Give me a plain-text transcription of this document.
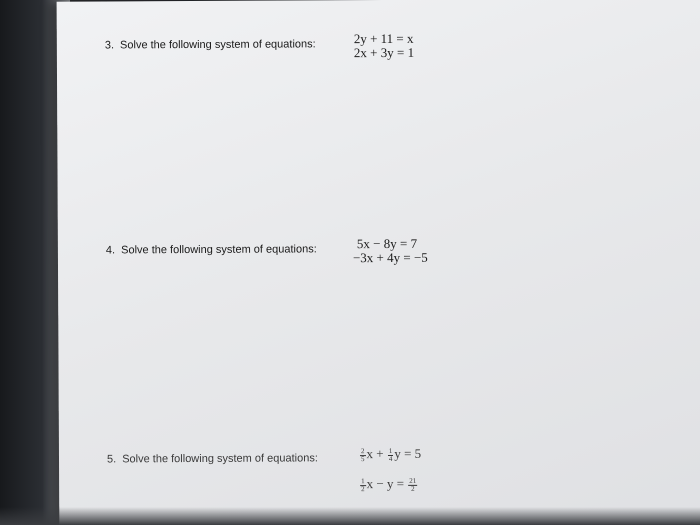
3. Solve the following system of equations:	2y + 11 = x
2x + 3y = 1
4. Solve the following system of equations:	5x − 8y = 7
−3x + 4y = −5
5. Solve the following system of equations:	$\frac{2}{5}$ $x + \frac{1}{4}$ y = 5
$\frac{1}{2}$ $x - y = \frac{21}{2}$
